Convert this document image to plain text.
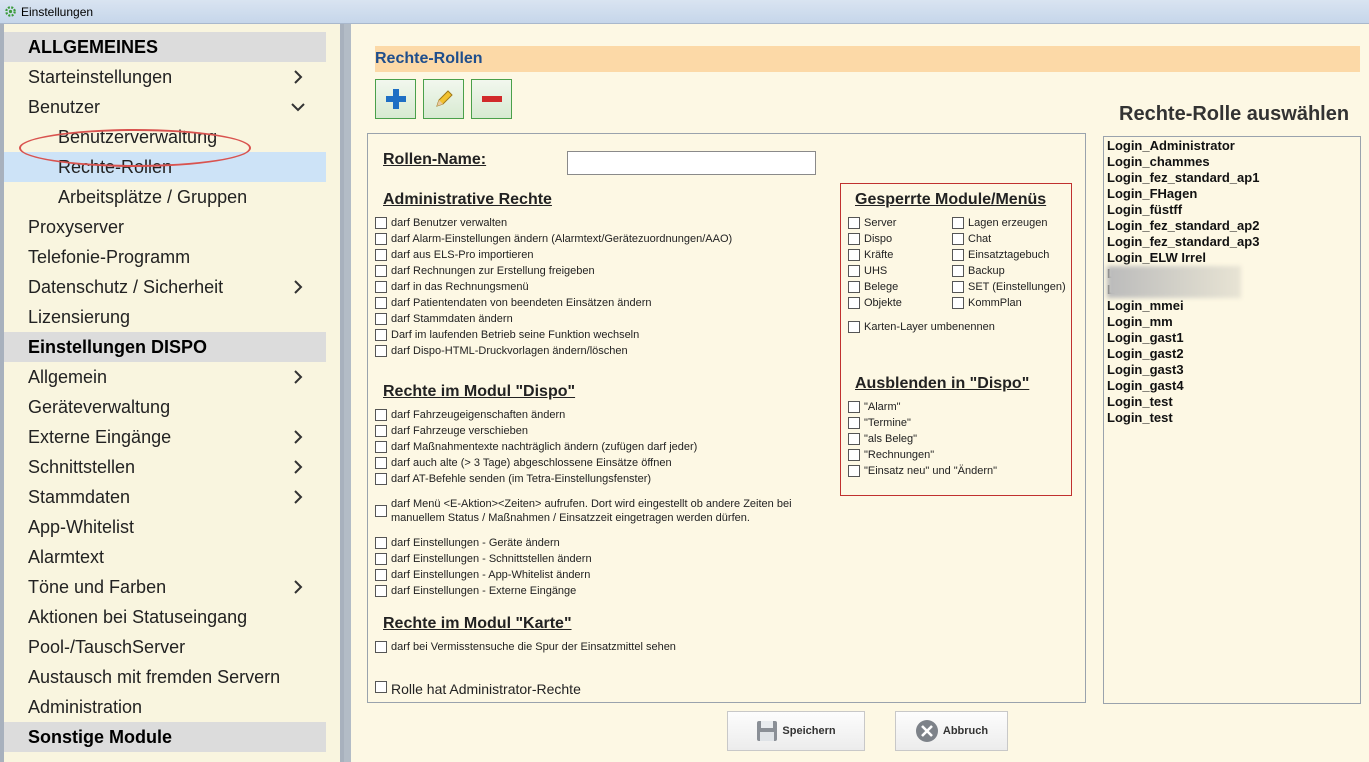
Einstellungen
ALLGEMEINES
Starteinstellungen
Benutzer
Benutzerverwaltung
Rechte-Rollen
Arbeitsplätze / Gruppen
Proxyserver
Telefonie-Programm
Datenschutz / Sicherheit
Lizensierung
Einstellungen DISPO
Allgemein
Geräteverwaltung
Externe Eingänge
Schnittstellen
Stammdaten
App-Whitelist
Alarmtext
Töne und Farben
Aktionen bei Statuseingang
Pool-/TauschServer
Austausch mit fremden Servern
Administration
Sonstige Module
Rechte-Rollen
Rollen-Name:
Administrative Rechte
darf Benutzer verwalten
darf Alarm-Einstellungen ändern (Alarmtext/Gerätezuordnungen/AAO)
darf aus ELS-Pro importieren
darf Rechnungen zur Erstellung freigeben
darf in das Rechnungsmenü
darf Patientendaten von beendeten Einsätzen ändern
darf Stammdaten ändern
Darf im laufenden Betrieb seine Funktion wechseln
darf Dispo-HTML-Druckvorlagen ändern/löschen
Rechte im Modul "Dispo"
darf Fahrzeugeigenschaften ändern
darf Fahrzeuge verschieben
darf Maßnahmentexte nachträglich ändern (zufügen darf jeder)
darf auch alte (> 3 Tage) abgeschlossene Einsätze öffnen
darf AT-Befehle senden (im Tetra-Einstellungsfenster)
darf Menü <E-Aktion><Zeiten> aufrufen. Dort wird eingestellt ob andere Zeiten bei
manuellem Status / Maßnahmen / Einsatzzeit eingetragen werden dürfen.
darf Einstellungen - Geräte ändern
darf Einstellungen - Schnittstellen ändern
darf Einstellungen - App-Whitelist ändern
darf Einstellungen - Externe Eingänge
Rechte im Modul "Karte"
darf bei Vermisstensuche die Spur der Einsatzmittel sehen
Rolle hat Administrator-Rechte
Gesperrte Module/Menüs
Server
Dispo
Kräfte
UHS
Belege
Objekte
Lagen erzeugen
Chat
Einsatztagebuch
Backup
SET (Einstellungen)
KommPlan
Karten-Layer umbenennen
Ausblenden in "Dispo"
"Alarm"
"Termine"
"als Beleg"
"Rechnungen"
"Einsatz neu" und "Ändern"
Rechte-Rolle auswählen
Login_Administrator
Login_chammes
Login_fez_standard_ap1
Login_FHagen
Login_füstff
Login_fez_standard_ap2
Login_fez_standard_ap3
Login_ELW Irrel
Login_mmei
Login_mm
Login_gast1
Login_gast2
Login_gast3
Login_gast4
Login_test
Login_test
Speichern	Abbruch
